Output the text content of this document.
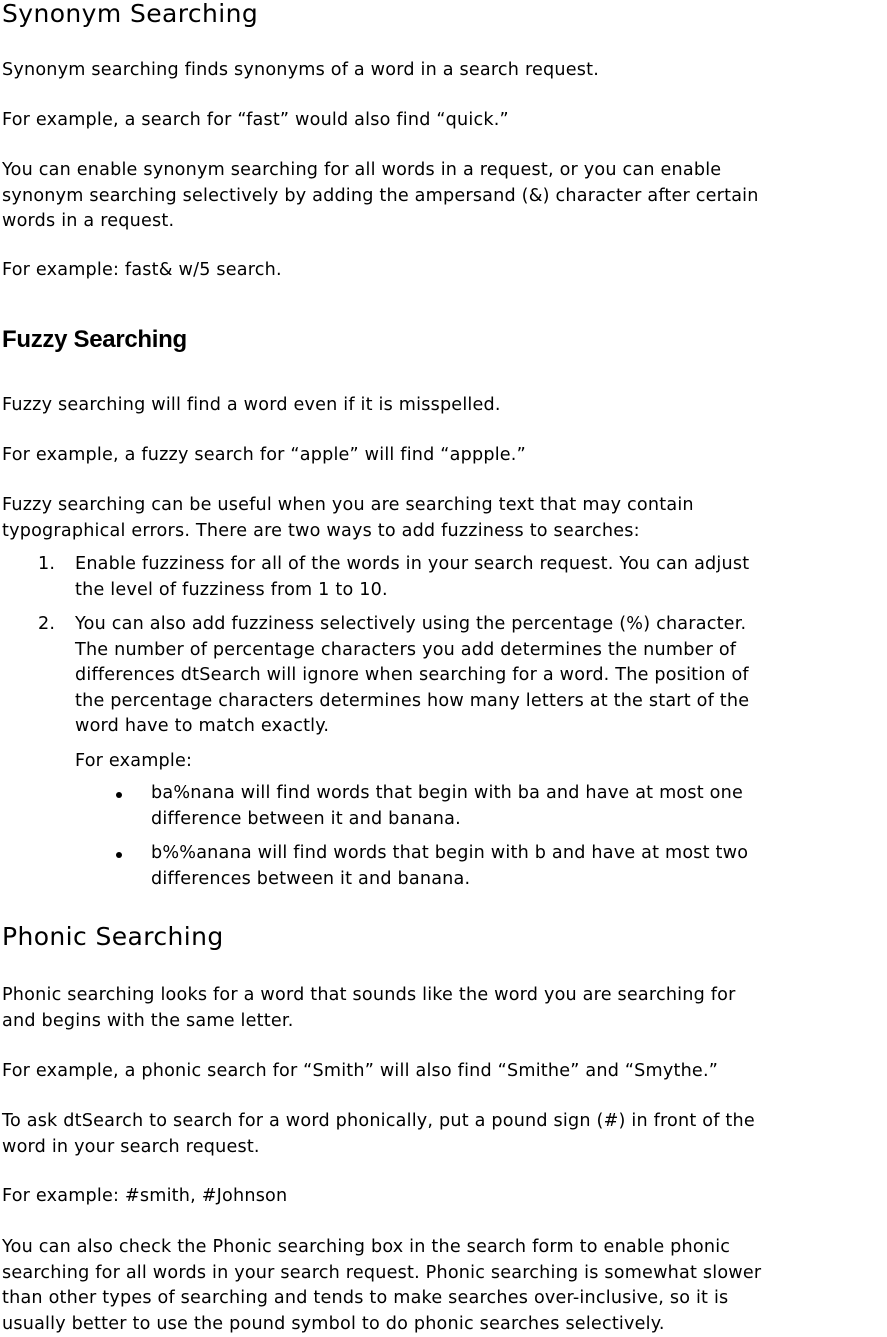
Synonym Searching

Synonym searching finds synonyms of a word in a search request.

For example, a search for “fast” would also find “quick.”

You can enable synonym searching for all words in a request, or you can enable

synonym searching selectively by adding the ampersand (&) character after certain

words in a request.

For example: fast& w/5 search.

Fuzzy Searching

Fuzzy searching will find a word even if it is misspelled.

For example, a fuzzy search for “apple” will find “appple.”

Fuzzy searching can be useful when you are searching text that may contain

typographical errors. There are two ways to add fuzziness to searches:

1. Enable fuzziness for all of the words in your search request. You can adjust
the level of fuzziness from 1 to 10.
2. You can also add fuzziness selectively using the percentage (%) character.
The number of percentage characters you add determines the number of
differences dtSearch will ignore when searching for a word. The position of
the percentage characters determines how many letters at the start of the
word have to match exactly.
For example:
ba%nana will find words that begin with ba and have at most one
difference between it and banana.
b%%anana will find words that begin with b and have at most two
differences between it and banana.
Phonic Searching

Phonic searching looks for a word that sounds like the word you are searching for

and begins with the same letter.

For example, a phonic search for “Smith” will also find “Smithe” and “Smythe.”

To ask dtSearch to search for a word phonically, put a pound sign (#) in front of the

word in your search request.

For example: #smith, #Johnson

You can also check the Phonic searching box in the search form to enable phonic

searching for all words in your search request. Phonic searching is somewhat slower

than other types of searching and tends to make searches over-inclusive, so it is

usually better to use the pound symbol to do phonic searches selectively.
